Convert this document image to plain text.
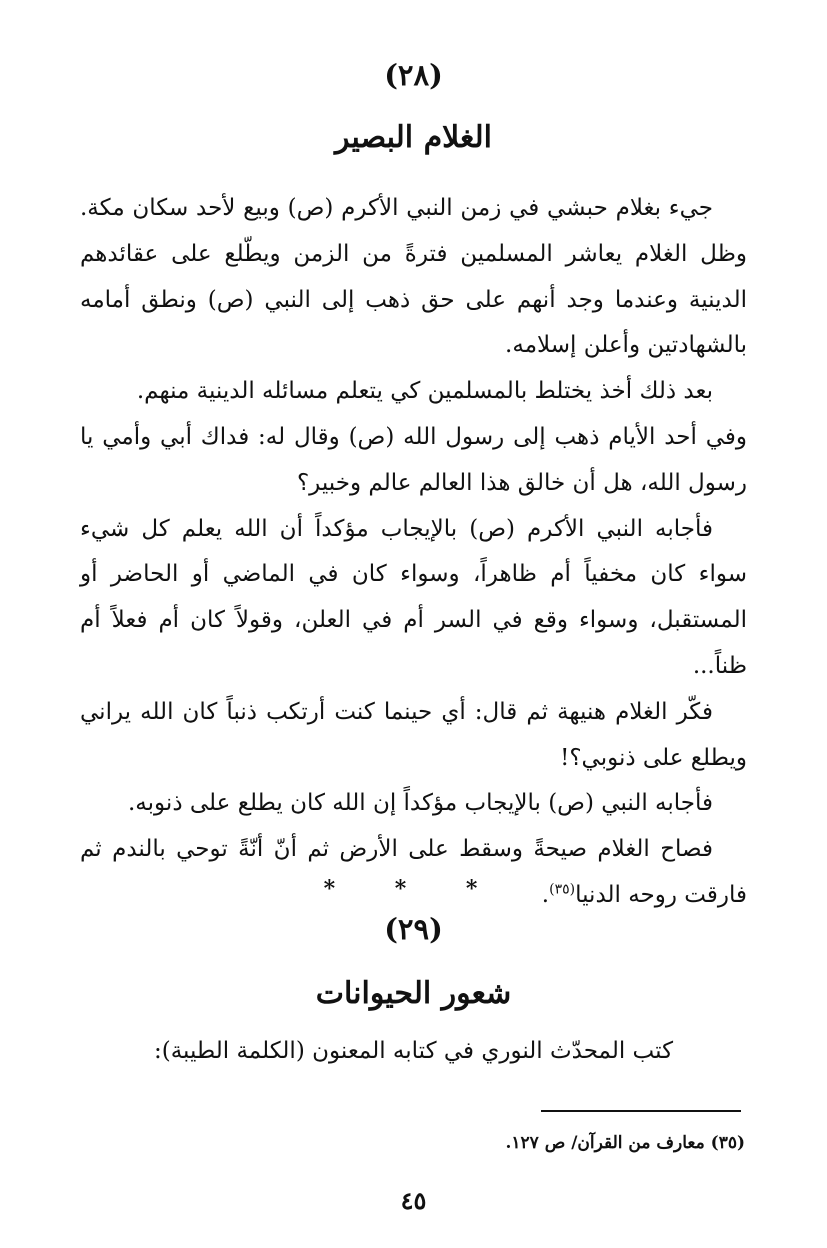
(٢٨)
الغلام البصير

جيء بغلام حبشي في زمن النبي الأكرم (ص) وبيع لأحد سكان مكة. وظل الغلام يعاشر المسلمين فترةً من الزمن ويطّلع على عقائدهم الدينية وعندما وجد أنهم على حق ذهب إلى النبي (ص) ونطق أمامه بالشهادتين وأعلن إسلامه.

بعد ذلك أخذ يختلط بالمسلمين كي يتعلم مسائله الدينية منهم.

وفي أحد الأيام ذهب إلى رسول الله (ص) وقال له: فداك أبي وأمي يا رسول الله، هل أن خالق هذا العالم عالم وخبير؟

فأجابه النبي الأكرم (ص) بالإيجاب مؤكداً أن الله يعلم كل شيء سواء كان مخفياً أم ظاهراً، وسواء كان في الماضي أو الحاضر أو المستقبل، وسواء وقع في السر أم في العلن، وقولاً كان أم فعلاً أم ظناً...

فكّر الغلام هنيهة ثم قال: أي حينما كنت أرتكب ذنباً كان الله يراني ويطلع على ذنوبي؟!

فأجابه النبي (ص) بالإيجاب مؤكداً إن الله كان يطلع على ذنوبه.

فصاح الغلام صيحةً وسقط على الأرض ثم أنّ أنّةً توحي بالندم ثم فارقت روحه الدنيا$^{(٣٥)}$.

* * *
(٢٩)
شعور الحيوانات
كتب المحدّث النوري في كتابه المعنون (الكلمة الطيبة):
(٣٥) معارف من القرآن/ ص ١٢٧.
٤٥
